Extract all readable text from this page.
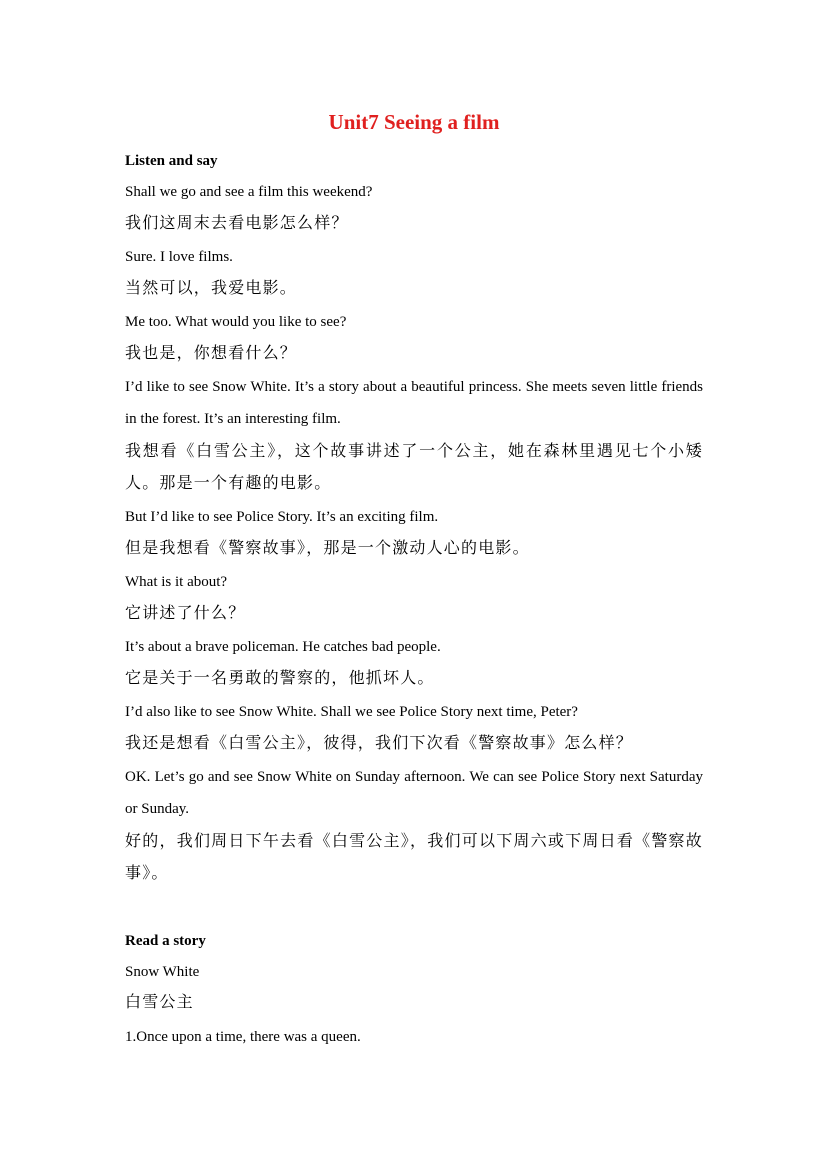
Unit7 Seeing a film

Listen and say

Shall we go and see a film this weekend?

我们这周末去看电影怎么样？

Sure. I love films.

当然可以，我爱电影。

Me too. What would you like to see?

我也是，你想看什么？

I’d like to see Snow White. It’s a story about a beautiful princess. She meets seven little friends in the forest. It’s an interesting film.

我想看《白雪公主》，这个故事讲述了一个公主，她在森林里遇见七个小矮人。那是一个有趣的电影。

But I’d like to see Police Story. It’s an exciting film.

但是我想看《警察故事》，那是一个激动人心的电影。

What is it about?

它讲述了什么？

It’s about a brave policeman. He catches bad people.

它是关于一名勇敢的警察的，他抓坏人。

I’d also like to see Snow White. Shall we see Police Story next time, Peter?

我还是想看《白雪公主》，彼得，我们下次看《警察故事》怎么样？

OK. Let’s go and see Snow White on Sunday afternoon. We can see Police Story next Saturday or Sunday.

好的，我们周日下午去看《白雪公主》，我们可以下周六或下周日看《警察故事》。

Read a story

Snow White

白雪公主

1.Once upon a time, there was a queen.
